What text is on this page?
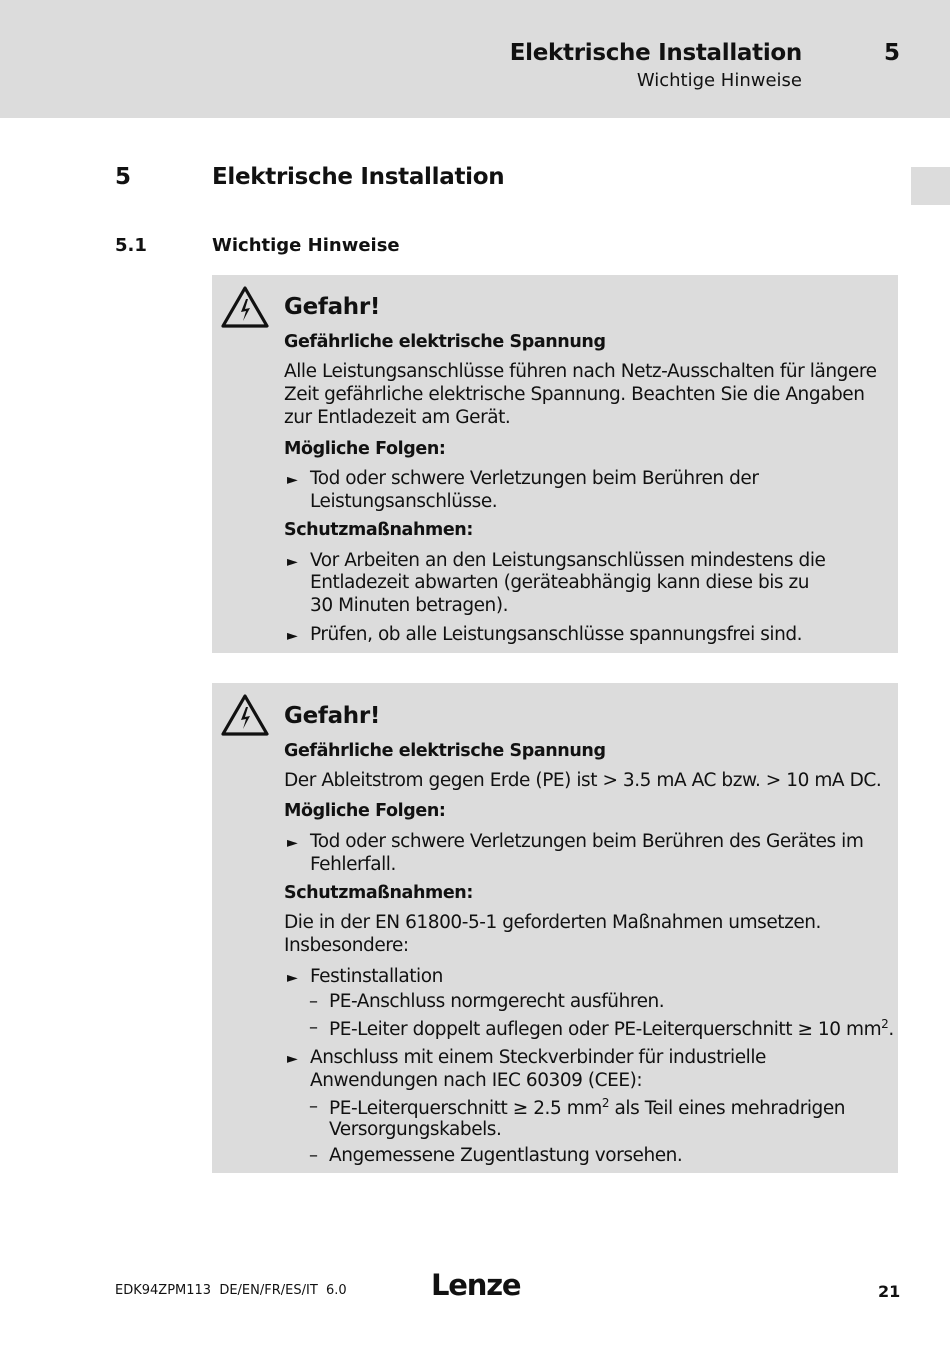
Elektrische Installation
Wichtige Hinweise
5
5	Elektrische Installation
5.1	Wichtige Hinweise
Gefahr!
Gefährliche elektrische Spannung
Alle Leistungsanschlüsse führen nach Netz-Ausschalten für längere
Zeit gefährliche elektrische Spannung. Beachten Sie die Angaben
zur Entladezeit am Gerät.
Mögliche Folgen:
► Tod oder schwere Verletzungen beim Berühren der
Leistungsanschlüsse.
Schutzmaßnahmen:
► Vor Arbeiten an den Leistungsanschlüssen mindestens die
Entladezeit abwarten (geräteabhängig kann diese bis zu
30 Minuten betragen).
► Prüfen, ob alle Leistungsanschlüsse spannungsfrei sind.
Gefahr!
Gefährliche elektrische Spannung
Der Ableitstrom gegen Erde (PE) ist > 3.5 mA AC bzw. > 10 mA DC.
Mögliche Folgen:
► Tod oder schwere Verletzungen beim Berühren des Gerätes im
Fehlerfall.
Schutzmaßnahmen:
Die in der EN 61800-5-1 geforderten Maßnahmen umsetzen.
Insbesondere:
► Festinstallation
– PE-Anschluss normgerecht ausführen.
– PE-Leiter doppelt auflegen oder PE-Leiterquerschnitt ≥ 10 $mm^2$.
► Anschluss mit einem Steckverbinder für industrielle
Anwendungen nach IEC 60309 (CEE):
– PE-Leiterquerschnitt ≥ 2.5 $mm^2$ als Teil eines mehradrigen
Versorgungskabels.
– Angemessene Zugentlastung vorsehen.
EDK94ZPM113  DE/EN/FR/ES/IT  6.0	Lenze	21
